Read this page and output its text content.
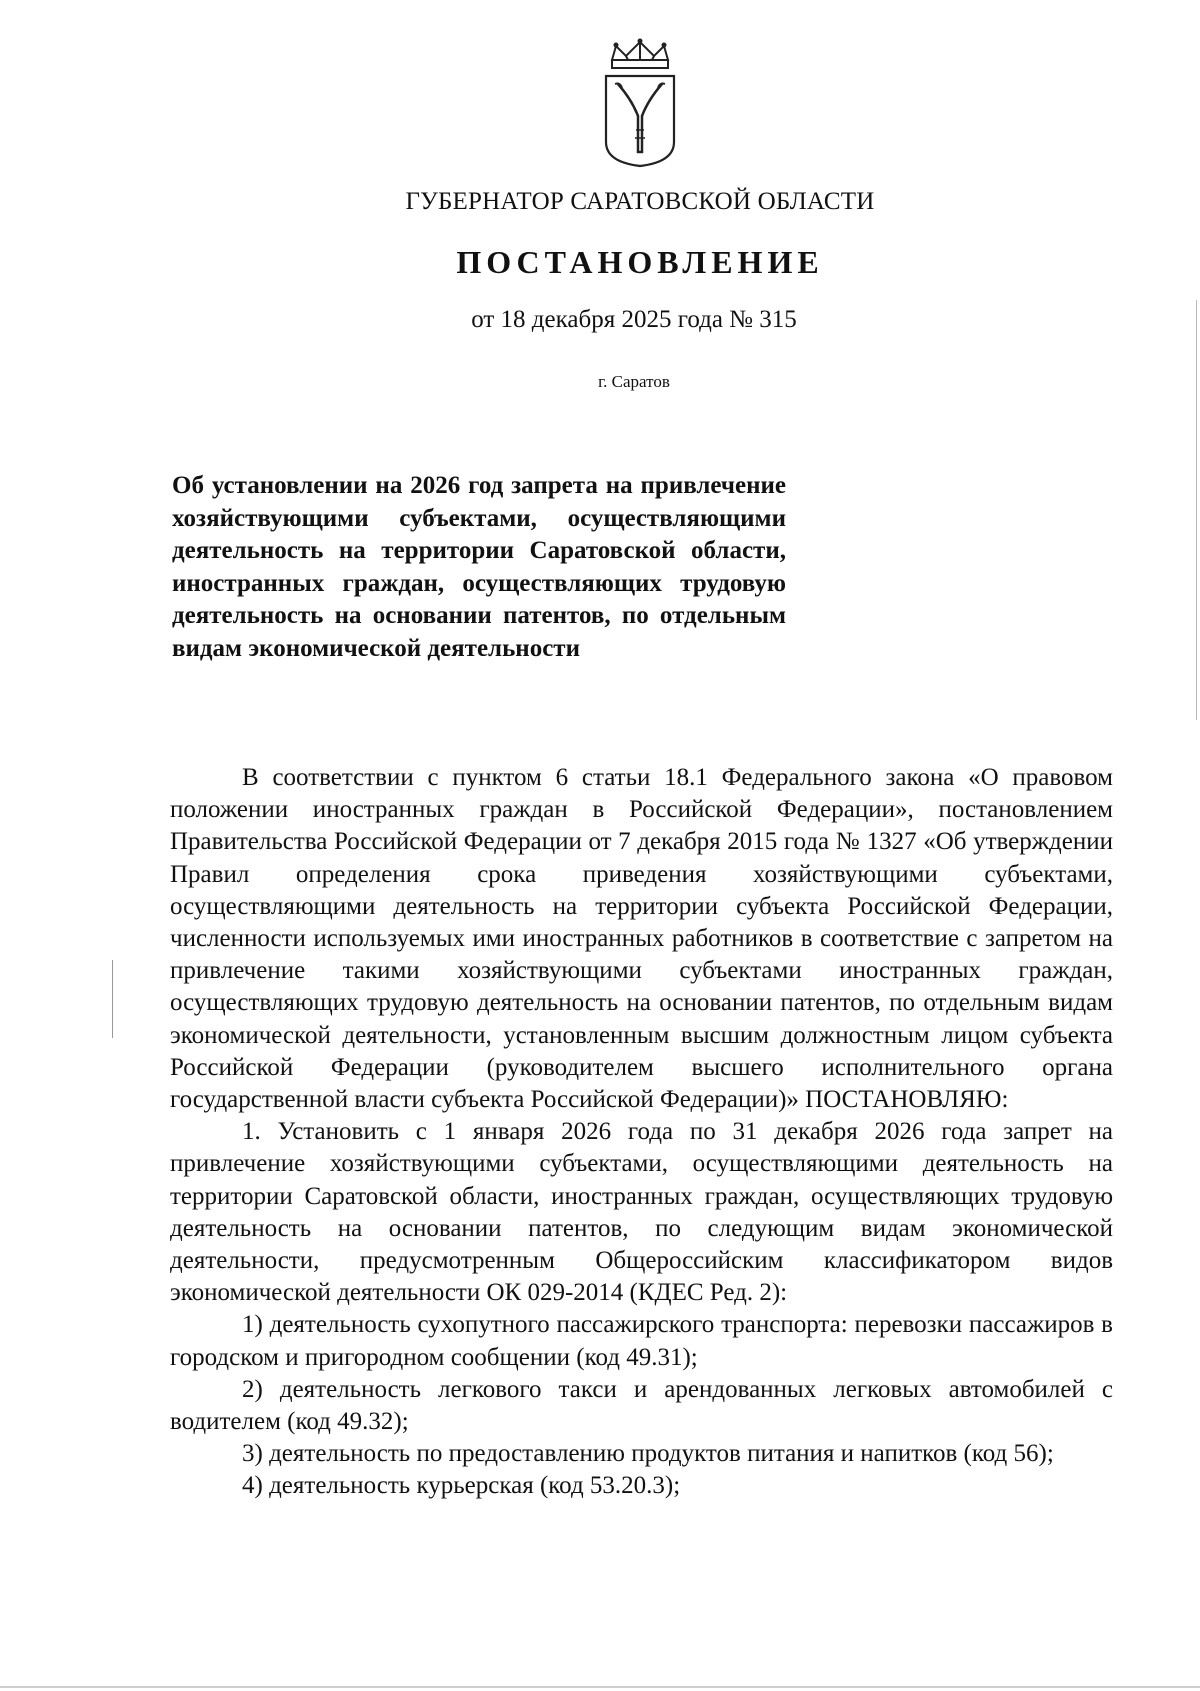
ГУБЕРНАТОР САРАТОВСКОЙ ОБЛАСТИ
ПОСТАНОВЛЕНИЕ
от 18 декабря 2025 года № 315
г. Саратов
Об установлении на 2026 год запрета на привлечение хозяйствующими субъектами, осуществляющими деятельность на территории Саратовской области, иностранных граждан, осуществляющих трудовую деятельность на основании патентов, по отдельным видам экономической деятельности

В соответствии с пунктом 6 статьи 18.1 Федерального закона «О правовом положении иностранных граждан в Российской Федерации», постановлением Правительства Российской Федерации от 7 декабря 2015 года № 1327 «Об утверждении Правил определения срока приведения хозяйствующими субъектами, осуществляющими деятельность на территории субъекта Российской Федерации, численности используемых ими иностранных работников в соответствие с запретом на привлечение такими хозяйствующими субъектами иностранных граждан, осуществляющих трудовую деятельность на основании патентов, по отдельным видам экономической деятельности, установленным высшим должностным лицом субъекта Российской Федерации (руководителем высшего исполнительного органа государственной власти субъекта Российской Федерации)» ПОСТАНОВЛЯЮ:

1. Установить с 1 января 2026 года по 31 декабря 2026 года запрет на привлечение хозяйствующими субъектами, осуществляющими деятельность на территории Саратовской области, иностранных граждан, осуществляющих трудовую деятельность на основании патентов, по следующим видам экономической деятельности, предусмотренным Общероссийским классификатором видов экономической деятельности ОК 029-2014 (КДЕС Ред. 2):

1) деятельность сухопутного пассажирского транспорта: перевозки пассажиров в городском и пригородном сообщении (код 49.31);

2) деятельность легкового такси и арендованных легковых автомобилей с водителем (код 49.32);

3) деятельность по предоставлению продуктов питания и напитков (код 56);

4) деятельность курьерская (код 53.20.3);
